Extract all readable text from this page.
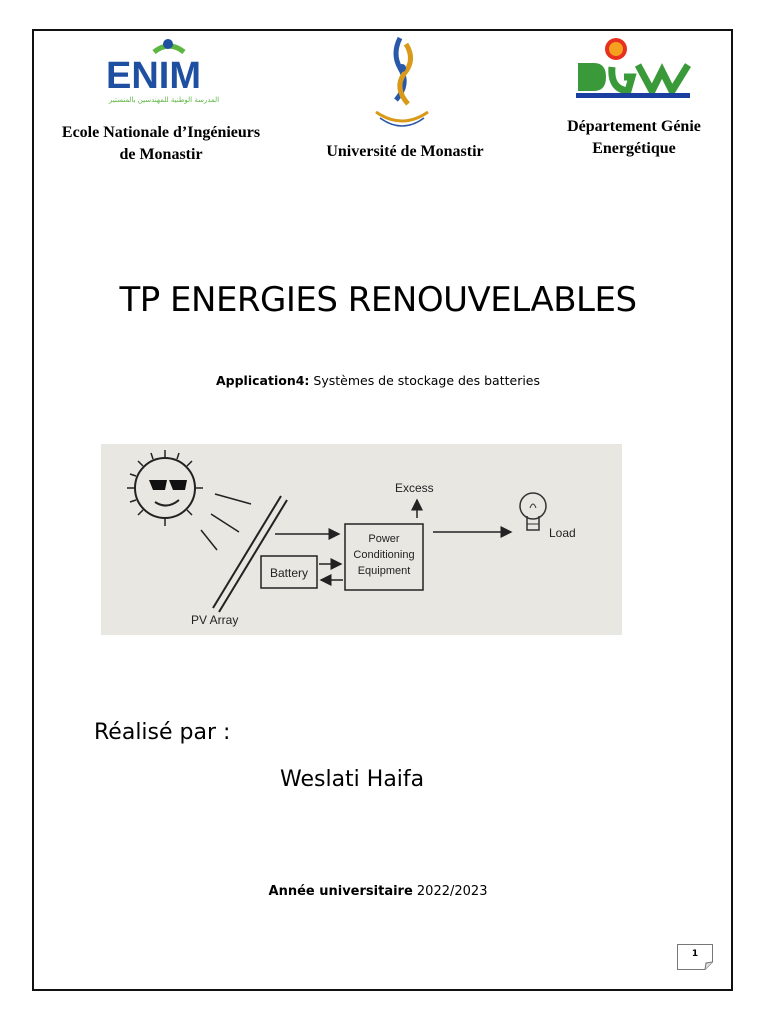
ENIM
المدرسة الوطنية للمهندسين بالمنستير
Ecole Nationale d’Ingénieurs
de Monastir	Université de Monastir
Département Génie
Energétique
TP ENERGIES RENOUVELABLES
Application4: Systèmes de stockage des batteries
PV Array
Battery
Power
Conditioning
Equipment
Excess
Load
Réalisé par :
Weslati Haifa
Année universitaire 2022/2023
1
